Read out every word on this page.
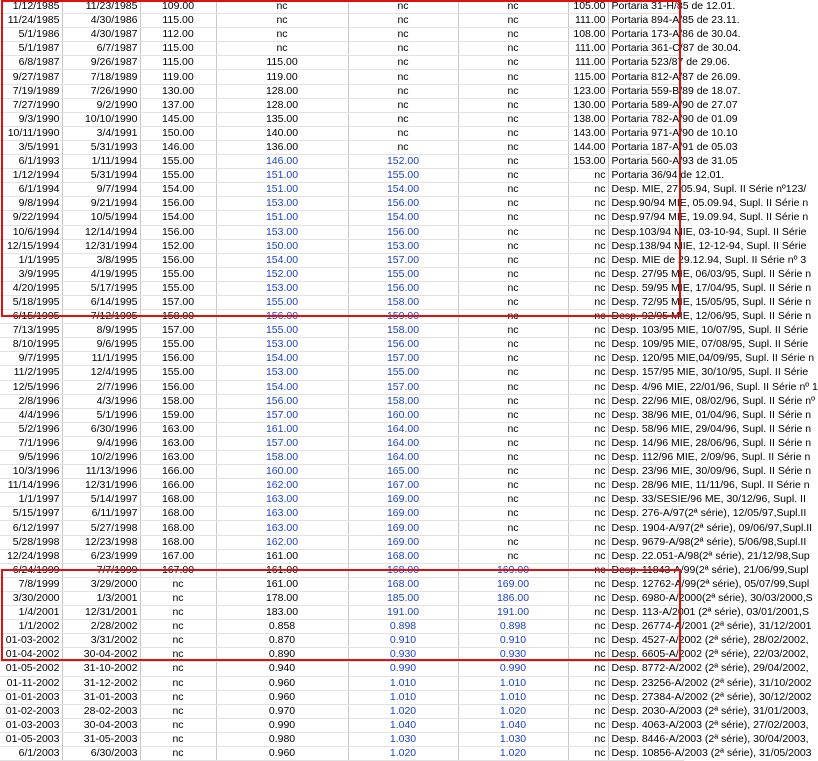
1/12/1985	11/23/1985	109.00	nc	nc	nc	105.00	Portaria 31-H/85 de 12.01.
11/24/1985	4/30/1986	115.00	nc	nc	nc	111.00	Portaria 894-A/85 de 23.11.
5/1/1986	4/30/1987	112.00	nc	nc	nc	108.00	Portaria 173-A/86 de 30.04.
5/1/1987	6/7/1987	115.00	nc	nc	nc	111.00	Portaria 361-C/87 de 30.04.
6/8/1987	9/26/1987	115.00	115.00	nc	nc	111.00	Portaria 523/87 de 29.06.
9/27/1987	7/18/1989	119.00	119.00	nc	nc	115.00	Portaria 812-A/87 de 26.09.
7/19/1989	7/26/1990	130.00	128.00	nc	nc	123.00	Portaria 559-B/89 de 18.07.
7/27/1990	9/2/1990	137.00	128.00	nc	nc	130.00	Portaria 589-A/90 de 27.07
9/3/1990	10/10/1990	145.00	135.00	nc	nc	138.00	Portaria 782-A/90 de 01.09
10/11/1990	3/4/1991	150.00	140.00	nc	nc	143.00	Portaria 971-A/90 de 10.10
3/5/1991	5/31/1993	146.00	136.00	nc	nc	144.00	Portaria 187-A/91 de 05.03
6/1/1993	1/11/1994	155.00	146.00	152.00	nc	153.00	Portaria 560-A/93 de 31.05
1/12/1994	5/31/1994	155.00	151.00	155.00	nc	nc	Portaria 36/94 de 12.01.
6/1/1994	9/7/1994	154.00	151.00	154.00	nc	nc	Desp. MIE, 27.05.94, Supl. II Série nº123/
9/8/1994	9/21/1994	156.00	153.00	156.00	nc	nc	Desp.90/94 MIE, 05.09.94, Supl. II Série n
9/22/1994	10/5/1994	154.00	151.00	154.00	nc	nc	Desp.97/94 MIE, 19.09.94, Supl. II Série n
10/6/1994	12/14/1994	156.00	153.00	156.00	nc	nc	Desp.103/94 MIE, 03-10-94, Supl. II Série
12/15/1994	12/31/1994	152.00	150.00	153.00	nc	nc	Desp.138/94 MIE, 12-12-94, Supl. II Série
1/1/1995	3/8/1995	156.00	154.00	157.00	nc	nc	Desp. MIE de 29.12.94, Supl. II Série nº 3
3/9/1995	4/19/1995	155.00	152.00	155.00	nc	nc	Desp. 27/95 MIE, 06/03/95, Supl. II Série n
4/20/1995	5/17/1995	155.00	153.00	156.00	nc	nc	Desp. 59/95 MIE, 17/04/95, Supl. II Série n
5/18/1995	6/14/1995	157.00	155.00	158.00	nc	nc	Desp. 72/95 MIE, 15/05/95, Supl. II Série n
6/15/1995	7/12/1995	158.00	156.00	159.00	nc	nc	Desp. 92/95 MIE, 12/06/95, Supl. II Série n
7/13/1995	8/9/1995	157.00	155.00	158.00	nc	nc	Desp. 103/95 MIE, 10/07/95, Supl. II Série
8/10/1995	9/6/1995	155.00	153.00	156.00	nc	nc	Desp. 109/95 MIE, 07/08/95, Supl. II Série
9/7/1995	11/1/1995	156.00	154.00	157.00	nc	nc	Desp. 120/95 MIE,04/09/95, Supl. II Série n
11/2/1995	12/4/1995	155.00	153.00	155.00	nc	nc	Desp. 157/95 MIE, 30/10/95, Supl. II Série
12/5/1996	2/7/1996	156.00	154.00	157.00	nc	nc	Desp. 4/96 MIE, 22/01/96, Supl. II Série nº 1
2/8/1996	4/3/1996	158.00	156.00	158.00	nc	nc	Desp. 22/96 MIE, 08/02/96, Supl. II Série nº
4/4/1996	5/1/1996	159.00	157.00	160.00	nc	nc	Desp. 38/96 MIE, 01/04/96, Supl. II Série n
5/2/1996	6/30/1996	163.00	161.00	164.00	nc	nc	Desp. 58/96 MIE, 29/04/96, Supl. II Série n
7/1/1996	9/4/1996	163.00	157.00	164.00	nc	nc	Desp. 14/96 MIE, 28/06/96, Supl. II Série n
9/5/1996	10/2/1996	163.00	158.00	164.00	nc	nc	Desp. 112/96 MIE, 2/09/96, Supl. II Série n
10/3/1996	11/13/1996	166.00	160.00	165.00	nc	nc	Desp. 23/96 MIE, 30/09/96, Supl. II Série n
11/14/1996	12/31/1996	166.00	162.00	167.00	nc	nc	Desp. 28/96 MIE, 11/11/96, Supl. II Série n
1/1/1997	5/14/1997	168.00	163.00	169.00	nc	nc	Desp. 33/SESIE/96 ME, 30/12/96, Supl. II
5/15/1997	6/11/1997	168.00	163.00	169.00	nc	nc	Desp. 276-A/97(2ª série), 12/05/97,Supl.II
6/12/1997	5/27/1998	168.00	163.00	169.00	nc	nc	Desp. 1904-A/97(2ª série), 09/06/97,Supl.II
5/28/1998	12/23/1998	168.00	162.00	169.00	nc	nc	Desp. 9679-A/98(2ª série), 5/06/98,Supl.II
12/24/1998	6/23/1999	167.00	161.00	168.00	nc	nc	Desp. 22.051-A/98(2ª série), 21/12/98,Sup
6/24/1999	7/7/1999	167.00	161.00	168.00	169.00	nc	Desp. 11843-A/99(2ª série), 21/06/99,Supl
7/8/1999	3/29/2000	nc	161.00	168.00	169.00	nc	Desp. 12762-A/99(2ª série), 05/07/99,Supl
3/30/2000	1/3/2001	nc	178.00	185.00	186.00	nc	Desp. 6980-A/2000(2ª série), 30/03/2000,S
1/4/2001	12/31/2001	nc	183.00	191.00	191.00	nc	Desp. 113-A/2001 (2ª série), 03/01/2001,S
1/1/2002	2/28/2002	nc	0.858	0.898	0.898	nc	Desp. 26774-A/2001 (2ª série), 31/12/2001
01-03-2002	3/31/2002	nc	0.870	0.910	0.910	nc	Desp. 4527-A/2002 (2ª série), 28/02/2002,
01-04-2002	30-04-2002	nc	0.890	0.930	0.930	nc	Desp. 6605-A/2002 (2ª série), 22/03/2002,
01-05-2002	31-10-2002	nc	0.940	0.990	0.990	nc	Desp. 8772-A/2002 (2ª série), 29/04/2002,
01-11-2002	31-12-2002	nc	0.960	1.010	1.010	nc	Desp. 23256-A/2002 (2ª série), 31/10/2002
01-01-2003	31-01-2003	nc	0.960	1.010	1.010	nc	Desp. 27384-A/2002 (2ª série), 30/12/2002
01-02-2003	28-02-2003	nc	0.970	1.020	1.020	nc	Desp. 2030-A/2003 (2ª série), 31/01/2003,
01-03-2003	30-04-2003	nc	0.990	1.040	1.040	nc	Desp. 4063-A/2003 (2ª série), 27/02/2003,
01-05-2003	31-05-2003	nc	0.980	1.030	1.030	nc	Desp. 8446-A/2003 (2ª série), 30/04/2003,
6/1/2003	6/30/2003	nc	0.960	1.020	1.020	nc	Desp. 10856-A/2003 (2ª série), 31/05/2003
